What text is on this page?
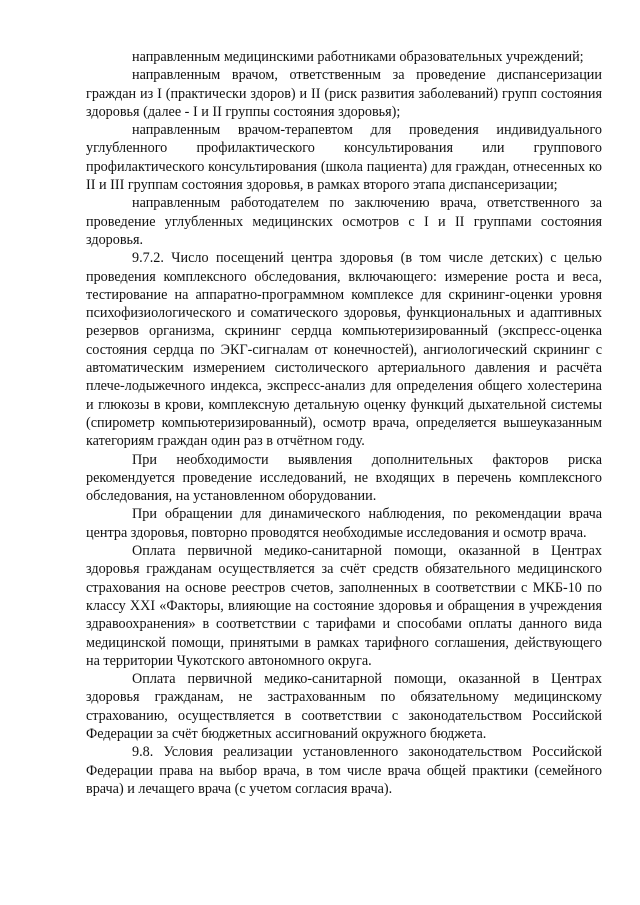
направленным медицинскими работниками образовательных учреждений;

направленным врачом, ответственным за проведение диспансеризации граждан из I (практически здоров) и II (риск развития заболеваний) групп состояния здоровья (далее - I и II группы состояния здоровья);

направленным врачом-терапевтом для проведения индивидуального углубленного профилактического консультирования или группового профилактического консультирования (школа пациента) для граждан, отнесенных ко II и III группам состояния здоровья, в рамках второго этапа диспансеризации;

направленным работодателем по заключению врача, ответственного за проведение углубленных медицинских осмотров с I и II группами состояния здоровья.

9.7.2. Число посещений центра здоровья (в том числе детских) с целью проведения комплексного обследования, включающего: измерение роста и веса, тестирование на аппаратно-программном комплексе для скрининг-оценки уровня психофизиологического и соматического здоровья, функциональных и адаптивных резервов организма, скрининг сердца компьютеризированный (экспресс-оценка состояния сердца по ЭКГ-сигналам от конечностей), ангиологический скрининг с автоматическим измерением систолического артериального давления и расчёта плече-лодыжечного индекса, экспресс-анализ для определения общего холестерина и глюкозы в крови, комплексную детальную оценку функций дыхательной системы (спирометр компьютеризированный), осмотр врача, определяется вышеуказанным категориям граждан один раз в отчётном году.

При необходимости выявления дополнительных факторов риска рекомендуется проведение исследований, не входящих в перечень комплексного обследования, на установленном оборудовании.

При обращении для динамического наблюдения, по рекомендации врача центра здоровья, повторно проводятся необходимые исследования и осмотр врача.

Оплата первичной медико-санитарной помощи, оказанной в Центрах здоровья гражданам осуществляется за счёт средств обязательного медицинского страхования на основе реестров счетов, заполненных в соответствии с МКБ-10 по классу XXI «Факторы, влияющие на состояние здоровья и обращения в учреждения здравоохранения» в соответствии с тарифами и способами оплаты данного вида медицинской помощи, принятыми в рамках тарифного соглашения, действующего на территории Чукотского автономного округа.

Оплата первичной медико-санитарной помощи, оказанной в Центрах здоровья гражданам, не застрахованным по обязательному медицинскому страхованию, осуществляется в соответствии с законодательством Российской Федерации за счёт бюджетных ассигнований окружного бюджета.

9.8. Условия реализации установленного законодательством Российской Федерации права на выбор врача, в том числе врача общей практики (семейного врача) и лечащего врача (с учетом согласия врача).
